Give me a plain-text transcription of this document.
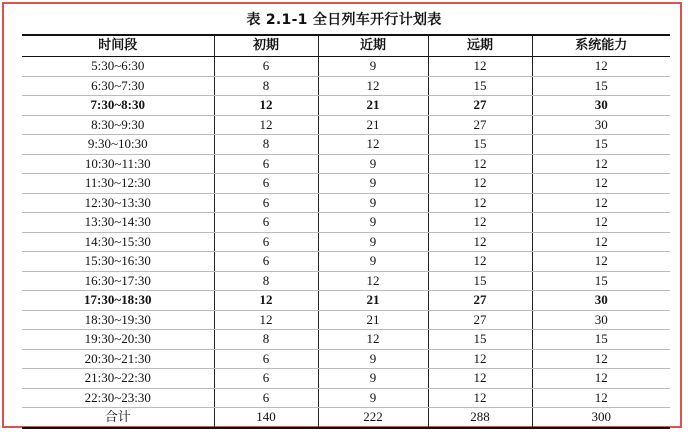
表 2.1-1 全日列车开行计划表
时间段	初期	近期	远期	系统能力
5:30~6:30	6	9	12	12
6:30~7:30	8	12	15	15
7:30~8:30	12	21	27	30
8:30~9:30	12	21	27	30
9:30~10:30	8	12	15	15
10:30~11:30	6	9	12	12
11:30~12:30	6	9	12	12
12:30~13:30	6	9	12	12
13:30~14:30	6	9	12	12
14:30~15:30	6	9	12	12
15:30~16:30	6	9	12	12
16:30~17:30	8	12	15	15
17:30~18:30	12	21	27	30
18:30~19:30	12	21	27	30
19:30~20:30	8	12	15	15
20:30~21:30	6	9	12	12
21:30~22:30	6	9	12	12
22:30~23:30	6	9	12	12
合计	140	222	288	300
